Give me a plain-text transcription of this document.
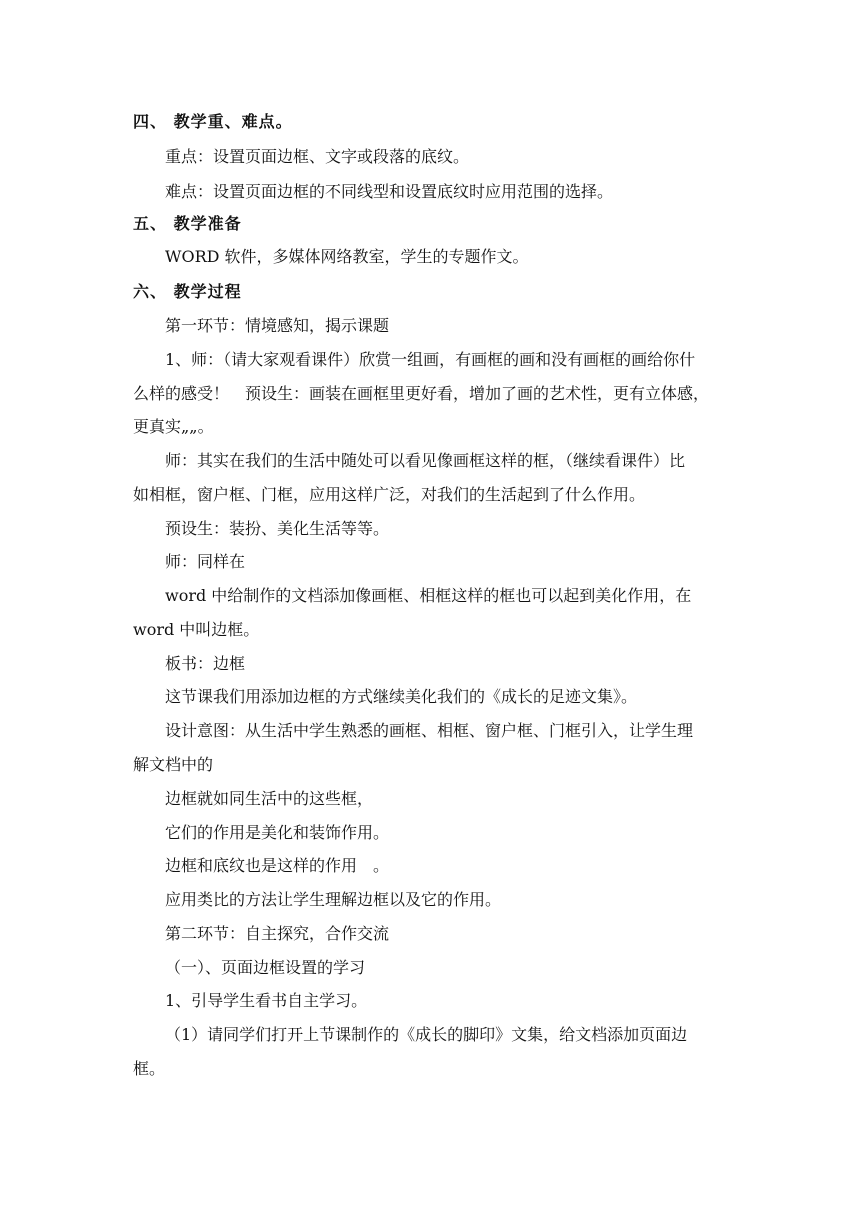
四、 教学重、难点。
重点：设置页面边框、文字或段落的底纹。
难点：设置页面边框的不同线型和设置底纹时应用范围的选择。
五、 教学准备
WORD 软件，多媒体网络教室，学生的专题作文。
六、 教学过程
第一环节：情境感知，揭示课题
1、师：（请大家观看课件）欣赏一组画，有画框的画和没有画框的画给你什
么样的感受！　预设生：画装在画框里更好看，增加了画的艺术性，更有立体感，
更真实„„。
师：其实在我们的生活中随处可以看见像画框这样的框，（继续看课件）比
如相框，窗户框、门框，应用这样广泛，对我们的生活起到了什么作用。
预设生：装扮、美化生活等等。
师：同样在
word 中给制作的文档添加像画框、相框这样的框也可以起到美化作用，在
word 中叫边框。
板书：边框
这节课我们用添加边框的方式继续美化我们的《成长的足迹文集》。
设计意图：从生活中学生熟悉的画框、相框、窗户框、门框引入，让学生理
解文档中的
边框就如同生活中的这些框，
它们的作用是美化和装饰作用。
边框和底纹也是这样的作用　。
应用类比的方法让学生理解边框以及它的作用。
第二环节：自主探究，合作交流
（一）、页面边框设置的学习
1、引导学生看书自主学习。
（1）请同学们打开上节课制作的《成长的脚印》文集，给文档添加页面边
框。
